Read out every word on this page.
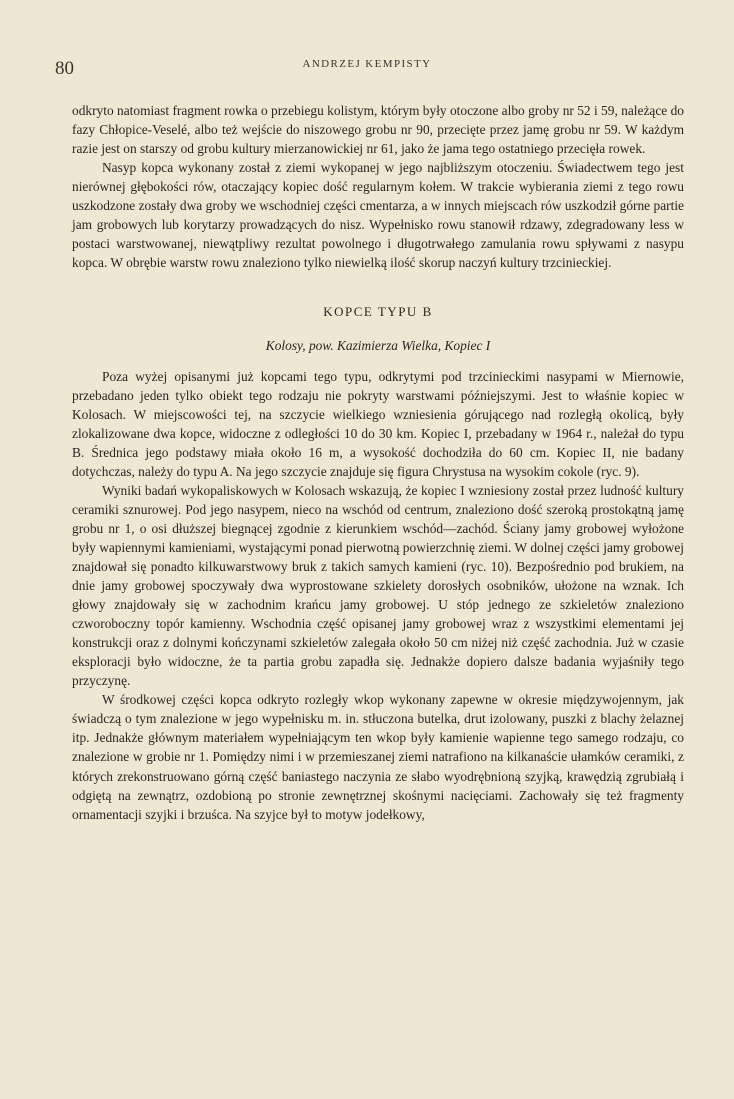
80	ANDRZEJ KEMPISTY

odkryto natomiast fragment rowka o przebiegu kolistym, którym były otoczone albo groby nr 52 i 59, należące do fazy Chłopice-Veselé, albo też wejście do niszowego grobu nr 90, przecięte przez jamę grobu nr 59. W każdym razie jest on starszy od grobu kultury mierzanowickiej nr 61, jako że jama tego ostatniego przecięła rowek.

Nasyp kopca wykonany został z ziemi wykopanej w jego najbliższym otoczeniu. Świadectwem tego jest nierównej głębokości rów, otaczający kopiec dość regularnym kołem. W trakcie wybierania ziemi z tego rowu uszkodzone zostały dwa groby we wschodniej części cmentarza, a w innych miejscach rów uszkodził górne partie jam grobowych lub korytarzy prowadzących do nisz. Wypełnisko rowu stanowił rdzawy, zdegradowany less w postaci warstwowanej, niewątpliwy rezultat powolnego i długotrwałego zamulania rowu spływami z nasypu kopca. W obrębie warstw rowu znaleziono tylko niewielką ilość skorup naczyń kultury trzcinieckiej.

KOPCE TYPU B
Kolosy, pow. Kazimierza Wielka, Kopiec I

Poza wyżej opisanymi już kopcami tego typu, odkrytymi pod trzcinieckimi nasypami w Miernowie, przebadano jeden tylko obiekt tego rodzaju nie pokryty warstwami późniejszymi. Jest to właśnie kopiec w Kolosach. W miejscowości tej, na szczycie wielkiego wzniesienia górującego nad rozległą okolicą, były zlokalizowane dwa kopce, widoczne z odległości 10 do 30 km. Kopiec I, przebadany w 1964 r., należał do typu B. Średnica jego podstawy miała około 16 m, a wysokość dochodziła do 60 cm. Kopiec II, nie badany dotychczas, należy do typu A. Na jego szczycie znajduje się figura Chrystusa na wysokim cokole (ryc. 9).

Wyniki badań wykopaliskowych w Kolosach wskazują, że kopiec I wzniesiony został przez ludność kultury ceramiki sznurowej. Pod jego nasypem, nieco na wschód od centrum, znaleziono dość szeroką prostokątną jamę grobu nr 1, o osi dłuższej biegnącej zgodnie z kierunkiem wschód—zachód. Ściany jamy grobowej wyłożone były wapiennymi kamieniami, wystającymi ponad pierwotną powierzchnię ziemi. W dolnej części jamy grobowej znajdował się ponadto kilkuwarstwowy bruk z takich samych kamieni (ryc. 10). Bezpośrednio pod brukiem, na dnie jamy grobowej spoczywały dwa wyprostowane szkielety dorosłych osobników, ułożone na wznak. Ich głowy znajdowały się w zachodnim krańcu jamy grobowej. U stóp jednego ze szkieletów znaleziono czworoboczny topór kamienny. Wschodnia część opisanej jamy grobowej wraz z wszystkimi elementami jej konstrukcji oraz z dolnymi kończynami szkieletów zalegała około 50 cm niżej niż część zachodnia. Już w czasie eksploracji było widoczne, że ta partia grobu zapadła się. Jednakże dopiero dalsze badania wyjaśniły tego przyczynę.

W środkowej części kopca odkryto rozległy wkop wykonany zapewne w okresie międzywojennym, jak świadczą o tym znalezione w jego wypełnisku m. in. stłuczona butelka, drut izolowany, puszki z blachy żelaznej itp. Jednakże głównym materiałem wypełniającym ten wkop były kamienie wapienne tego samego rodzaju, co znalezione w grobie nr 1. Pomiędzy nimi i w przemieszanej ziemi natrafiono na kilkanaście ułamków ceramiki, z których zrekonstruowano górną część baniastego naczynia ze słabo wyodrębnioną szyjką, krawędzią zgrubiałą i odgiętą na zewnątrz, ozdobioną po stronie zewnętrznej skośnymi nacięciami. Zachowały się też fragmenty ornamentacji szyjki i brzuśca. Na szyjce był to motyw jodełkowy,
